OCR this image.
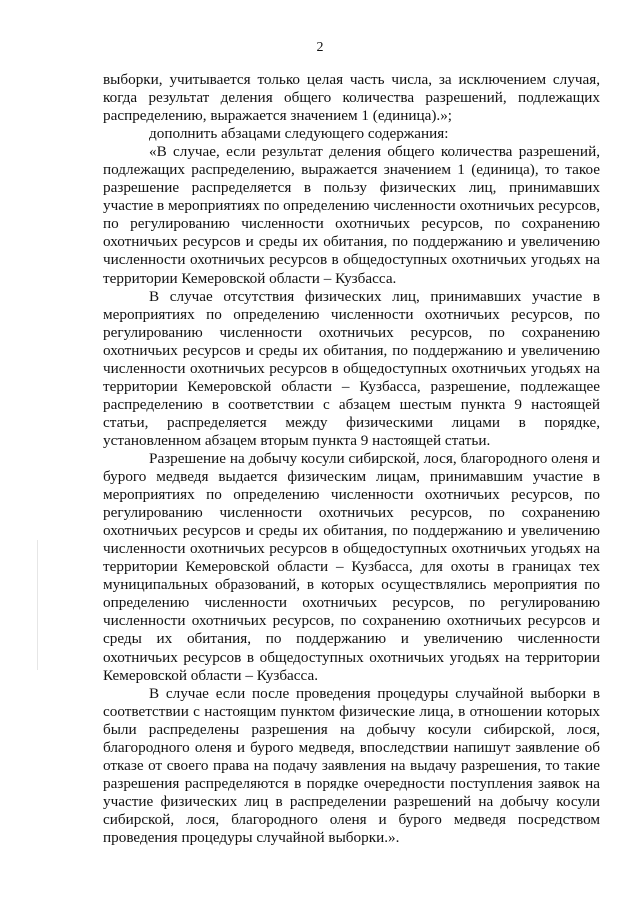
2

выборки, учитывается только целая часть числа, за исключением случая, когда результат деления общего количества разрешений, подлежащих распределению, выражается значением 1 (единица).»;

дополнить абзацами следующего содержания:

«В случае, если результат деления общего количества разрешений, подлежащих распределению, выражается значением 1 (единица), то такое разрешение распределяется в пользу физических лиц, принимавших участие в мероприятиях по определению численности охотничьих ресурсов, по регулированию численности охотничьих ресурсов, по сохранению охотничьих ресурсов и среды их обитания, по поддержанию и увеличению численности охотничьих ресурсов в общедоступных охотничьих угодьях на территории Кемеровской области – Кузбасса.

В случае отсутствия физических лиц, принимавших участие в мероприятиях по определению численности охотничьих ресурсов, по регулированию численности охотничьих ресурсов, по сохранению охотничьих ресурсов и среды их обитания, по поддержанию и увеличению численности охотничьих ресурсов в общедоступных охотничьих угодьях на территории Кемеровской области – Кузбасса, разрешение, подлежащее распределению в соответствии с абзацем шестым пункта 9 настоящей статьи, распределяется между физическими лицами в порядке, установленном абзацем вторым пункта 9 настоящей статьи.

Разрешение на добычу косули сибирской, лося, благородного оленя и бурого медведя выдается физическим лицам, принимавшим участие в мероприятиях по определению численности охотничьих ресурсов, по регулированию численности охотничьих ресурсов, по сохранению охотничьих ресурсов и среды их обитания, по поддержанию и увеличению численности охотничьих ресурсов в общедоступных охотничьих угодьях на территории Кемеровской области – Кузбасса, для охоты в границах тех муниципальных образований, в которых осуществлялись мероприятия по определению численности охотничьих ресурсов, по регулированию численности охотничьих ресурсов, по сохранению охотничьих ресурсов и среды их обитания, по поддержанию и увеличению численности охотничьих ресурсов в общедоступных охотничьих угодьях на территории Кемеровской области – Кузбасса.

В случае если после проведения процедуры случайной выборки в соответствии с настоящим пунктом физические лица, в отношении которых были распределены разрешения на добычу косули сибирской, лося, благородного оленя и бурого медведя, впоследствии напишут заявление об отказе от своего права на подачу заявления на выдачу разрешения, то такие разрешения распределяются в порядке очередности поступления заявок на участие физических лиц в распределении разрешений на добычу косули сибирской, лося, благородного оленя и бурого медведя посредством проведения процедуры случайной выборки.».
